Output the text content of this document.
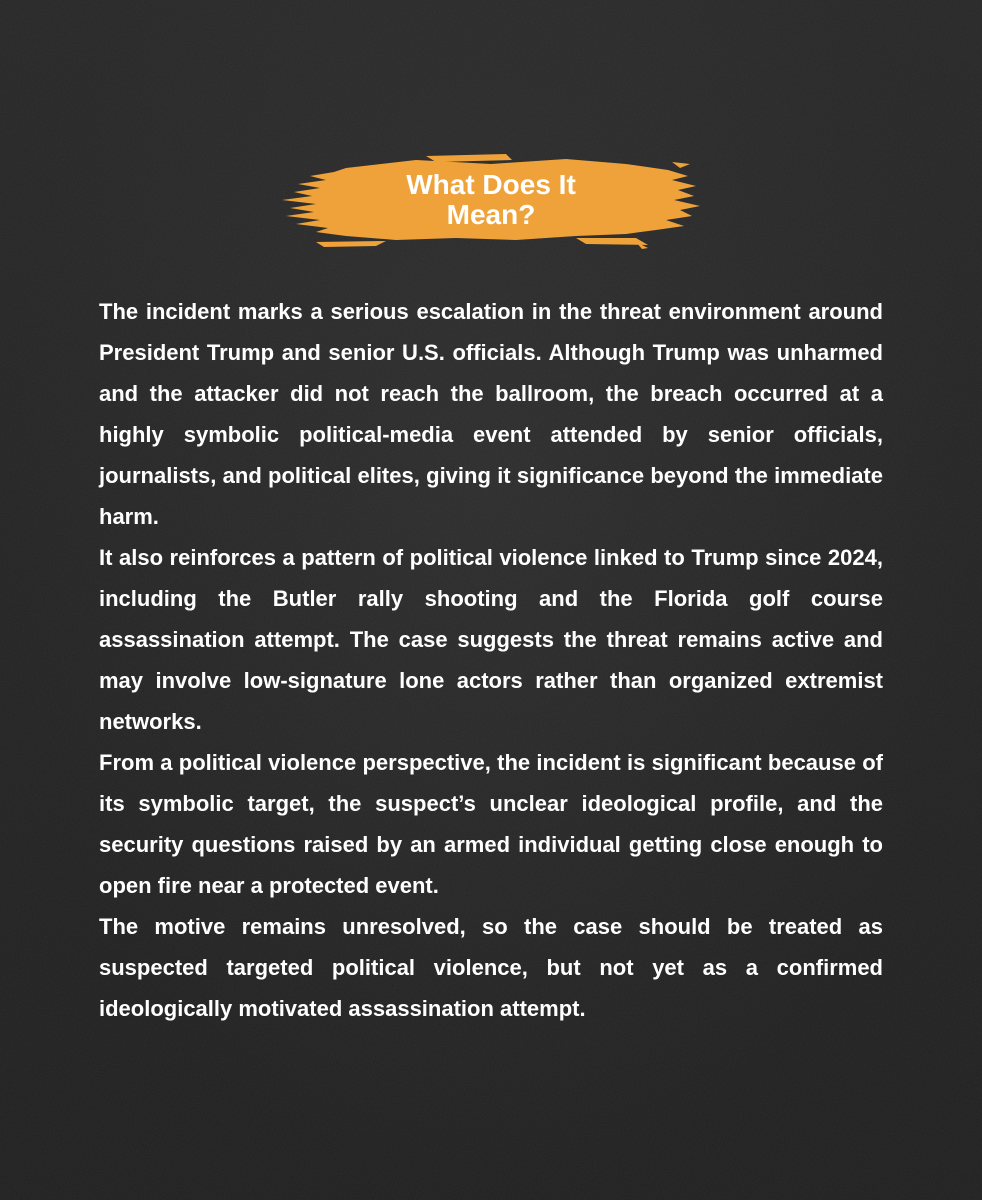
What Does It
Mean?

The incident marks a serious escalation in the threat environment around President Trump and senior U.S. officials. Although Trump was unharmed and the attacker did not reach the ballroom, the breach occurred at a highly symbolic political-media event attended by senior officials, journalists, and political elites, giving it significance beyond the immediate harm.

It also reinforces a pattern of political violence linked to Trump since 2024, including the Butler rally shooting and the Florida golf course assassination attempt. The case suggests the threat remains active and may involve low-signature lone actors rather than organized extremist networks.

From a political violence perspective, the incident is significant because of its symbolic target, the suspect’s unclear ideological profile, and the security questions raised by an armed individual getting close enough to open fire near a protected event.

The motive remains unresolved, so the case should be treated as suspected targeted political violence, but not yet as a confirmed ideologically motivated assassination attempt.
